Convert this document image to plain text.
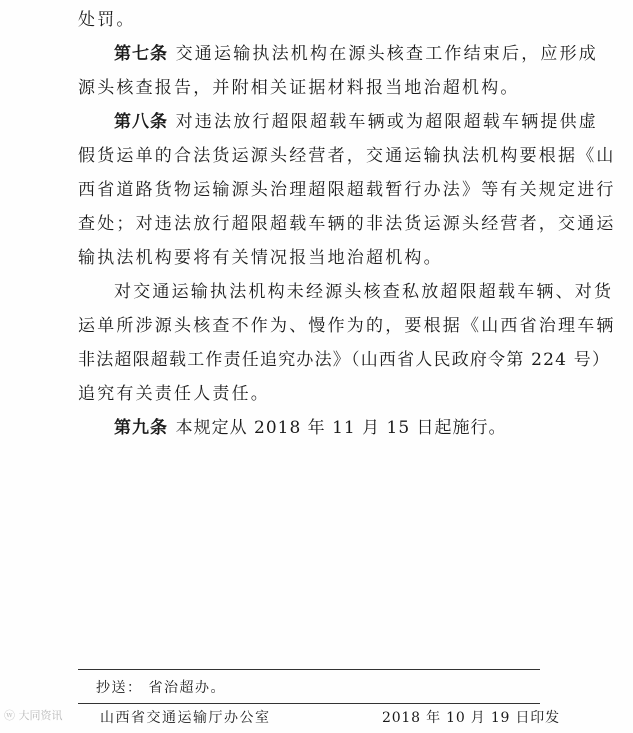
处罚。
第七条 交通运输执法机构在源头核查工作结束后，应形成
源头核查报告，并附相关证据材料报当地治超机构。
第八条 对违法放行超限超载车辆或为超限超载车辆提供虚
假货运单的合法货运源头经营者，交通运输执法机构要根据《山
西省道路货物运输源头治理超限超载暂行办法》等有关规定进行
查处；对违法放行超限超载车辆的非法货运源头经营者，交通运
输执法机构要将有关情况报当地治超机构。
对交通运输执法机构未经源头核查私放超限超载车辆、对货
运单所涉源头核查不作为、慢作为的，要根据《山西省治理车辆
非法超限超载工作责任追究办法》（山西省人民政府令第 224 号）
追究有关责任人责任。
第九条 本规定从 2018 年 11 月 15 日起施行。
抄送： 省治超办。
山西省交通运输厅办公室	2018 年 10 月 19 日印发
ⓦ 大同资讯
